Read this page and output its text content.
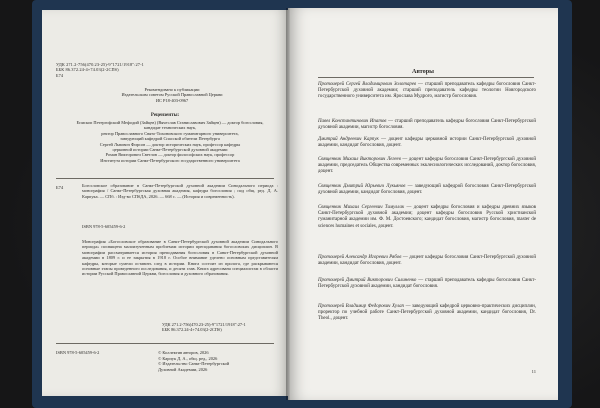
УДК 271.2-756(470.23-25)-9"1721/1918":27-1
ББК 86.372.24-4+74.03(2-2СПб)
Б74
Рекомендовано к публикации
Издательским советом Русской Православной Церкви
ИС Р18-403-0967
Рецензенты:
Епископ Петергофский Мефодий (Зайцев) (Вячеслав Станиславович Зайцев) — доктор богословия, кандидат технических наук,
ректор Православного Свято-Тихоновского гуманитарного университета,
заведующий кафедрой Спасской обители Петербурга
Сергей Львович Фирсов — доктор исторических наук, профессор кафедры
церковной истории Санкт-Петербургской духовной академии
Роман Викторович Светлов — доктор философских наук, профессор
Института истории Санкт-Петербургского государственного университета
Б74	Богословское образование в Санкт-Петербургской духовной академии Синодального периода : монография / Санкт-Петербургская духовная академия, кафедра богословия ; под общ. ред. Д. А. Карпука. — СПб. : Изд-во СПбДА, 2026. — 668 с. — (История и современность).
ISBN 978-5-605459-6-2
Монография «Богословское образование в Санкт-Петербургской духовной академии Синодального периода» посвящена малоизученным проблемам истории преподавания богословских дисциплин. В монографии рассматривается история преподавания богословия в Санкт-Петербургской духовной академии в 1809 г. и ее закрытия в 1918 г. Особое внимание уделено основным представителям кафедры, которые сумели оставить след в истории. Книга состоит из пролога, где раскрываются основные этапы проведенного исследования, и десяти глав. Книга адресована специалистам в области истории Русской Православной Церкви, богословия и духовного образования.
УДК 271.2-756(470.23-25)-9"1721/1918":27-1
ББК 86.372.24-4+74.03(2-2СПб)
ISBN 978-5-605459-6-2	© Коллектив авторов, 2026
© Карпук Д. А., общ. ред., 2026
© Издательство Санкт-Петербургской
Духовной Академии, 2026
Авторы
Протоиерей Сергей Владимирович Золотарев — старший преподаватель кафедры богословия Санкт-Петербургской духовной академии; старший преподаватель кафедры теологии Новгородского государственного университета им. Ярослава Мудрого, магистр богословия.
Павел Константинович Ипатов — старший преподаватель кафедры богословия Санкт-Петербургской духовной академии, магистр богословия.
Дмитрий Андреевич Карпук — доцент кафедры церковной истории Санкт-Петербургской духовной академии, кандидат богословия, доцент.
Священник Михаил Викторович Легеев — доцент кафедры богословия Санкт-Петербургской духовной академии, председатель Общества современных экклесиологических исследований, доктор богословия, доцент.
Священник Дмитрий Юрьевич Лукьянов — заведующий кафедрой богословия Санкт-Петербургской духовной академии, кандидат богословия, доцент.
Священник Михаил Сергеевич Тимуллак — доцент кафедры богословия и кафедры древних языков Санкт-Петербургской духовной академии; доцент кафедры богословия Русской христианской гуманитарной академии им. Ф. М. Достоевского; кандидат богословия, магистр богословия, master de sciences humaines et sociales, доцент.
Протоиерей Александр Игоревич Рябов — доцент кафедры богословия Санкт-Петербургской духовной академии, кандидат богословия, доцент.
Протоиерей Дмитрий Викторович Силиненко — старший преподаватель кафедры богословия Санкт-Петербургской духовной академии, кандидат богословия.
Протоиерей Владимир Федорович Хулап — заведующий кафедрой церковно-практических дисциплин, проректор по учебной работе Санкт-Петербургской духовной академии, кандидат богословия, Dr. Theol., доцент.
11
